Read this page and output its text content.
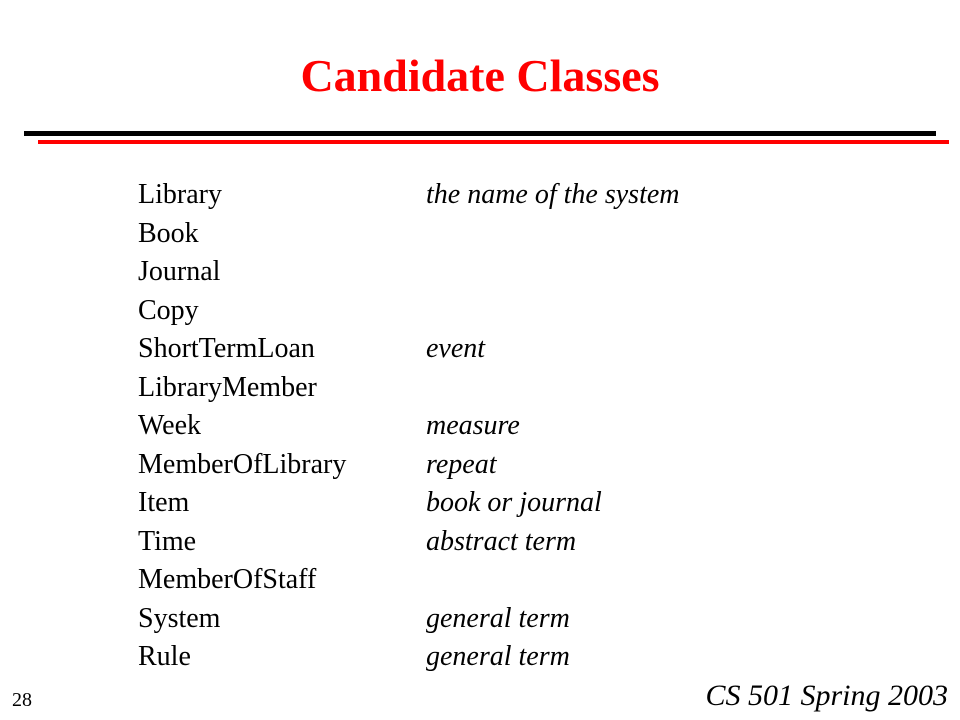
Candidate Classes
Library	the name of the system
Book
Journal
Copy
ShortTermLoan	event
LibraryMember
Week	measure
MemberOfLibrary	repeat
Item	book or journal
Time	abstract term
MemberOfStaff
System	general term
Rule	general term
28	CS 501 Spring 2003
